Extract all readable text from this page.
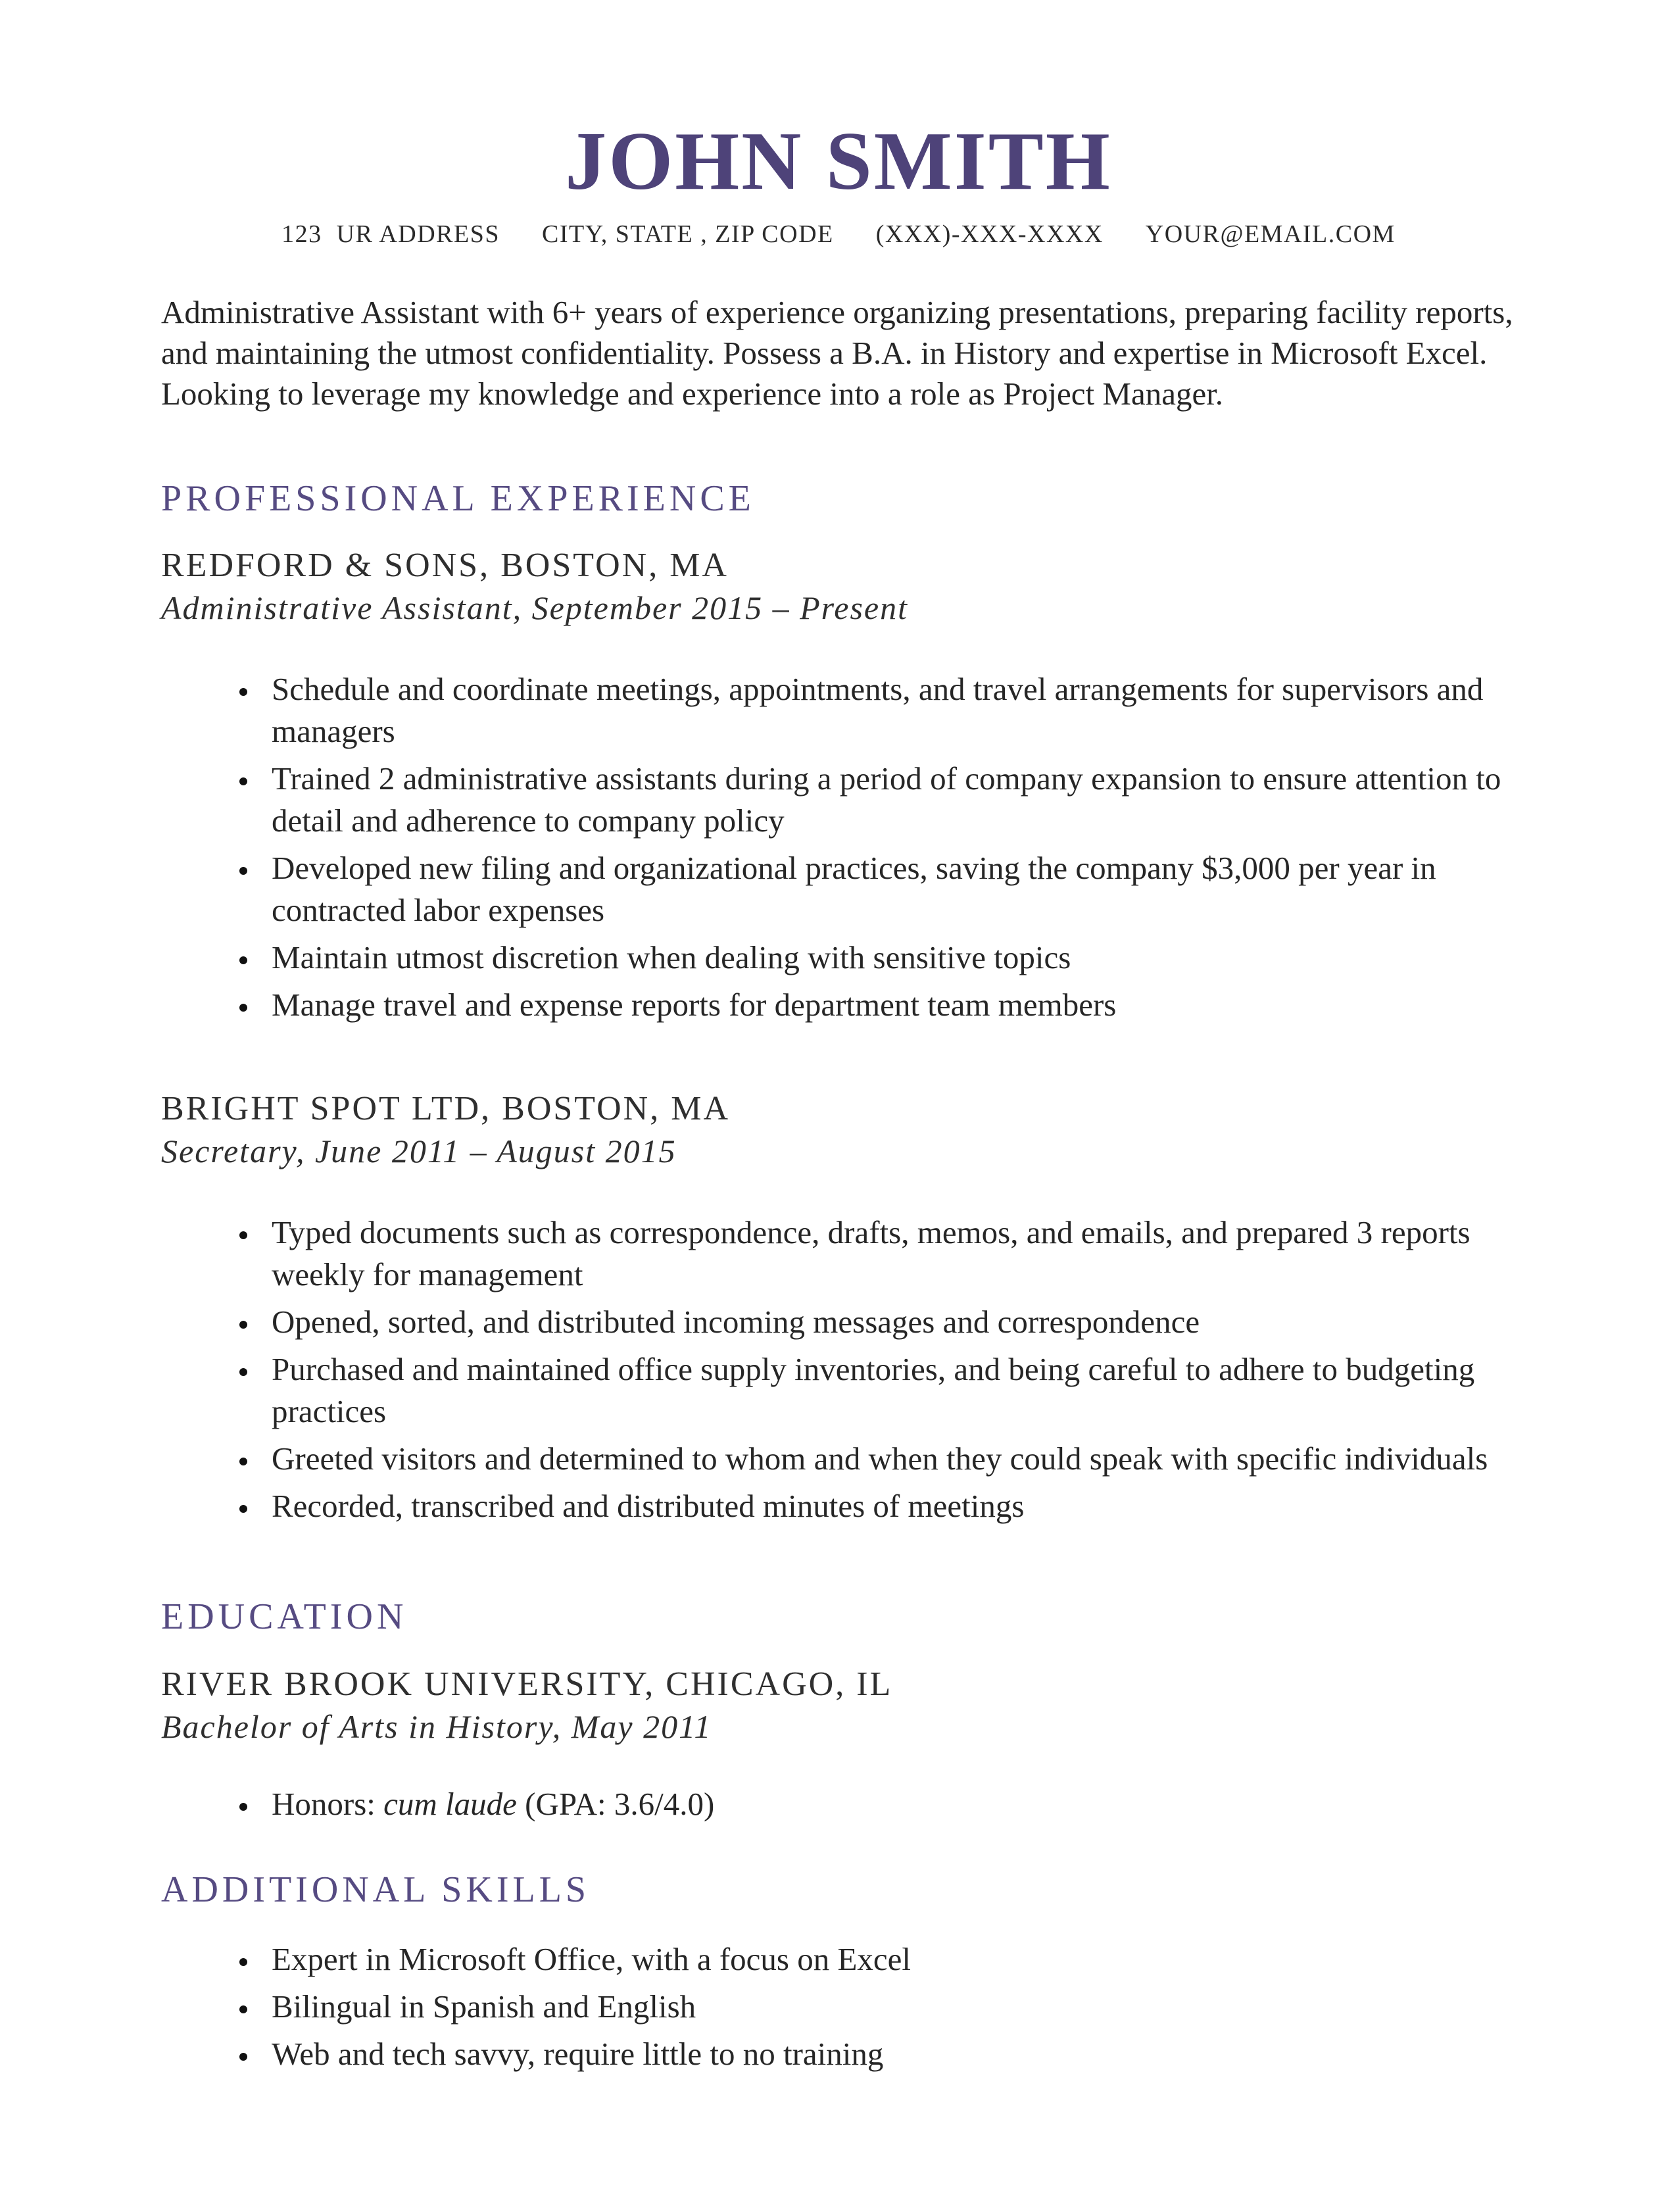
JOHN SMITH
123  UR ADDRESS CITY, STATE , ZIP CODE (XXX)-XXX-XXXX YOUR@EMAIL.COM

Administrative Assistant with 6+ years of experience organizing presentations, preparing facility reports, and maintaining the utmost confidentiality. Possess a B.A. in History and expertise in Microsoft Excel. Looking to leverage my knowledge and experience into a role as Project Manager.

PROFESSIONAL EXPERIENCE

REDFORD & SONS, BOSTON, MA

Administrative Assistant, September 2015 – Present

• Schedule and coordinate meetings, appointments, and travel arrangements for supervisors and managers
• Trained 2 administrative assistants during a period of company expansion to ensure attention to detail and adherence to company policy
• Developed new filing and organizational practices, saving the company $3,000 per year in contracted labor expenses
• Maintain utmost discretion when dealing with sensitive topics
• Manage travel and expense reports for department team members

BRIGHT SPOT LTD, BOSTON, MA

Secretary, June 2011 – August 2015

• Typed documents such as correspondence, drafts, memos, and emails, and prepared 3 reports weekly for management
• Opened, sorted, and distributed incoming messages and correspondence
• Purchased and maintained office supply inventories, and being careful to adhere to budgeting practices
• Greeted visitors and determined to whom and when they could speak with specific individuals
• Recorded, transcribed and distributed minutes of meetings
EDUCATION

RIVER BROOK UNIVERSITY, CHICAGO, IL

Bachelor of Arts in History, May 2011

• Honors: cum laude (GPA: 3.6/4.0)
ADDITIONAL SKILLS
• Expert in Microsoft Office, with a focus on Excel
• Bilingual in Spanish and English
• Web and tech savvy, require little to no training
